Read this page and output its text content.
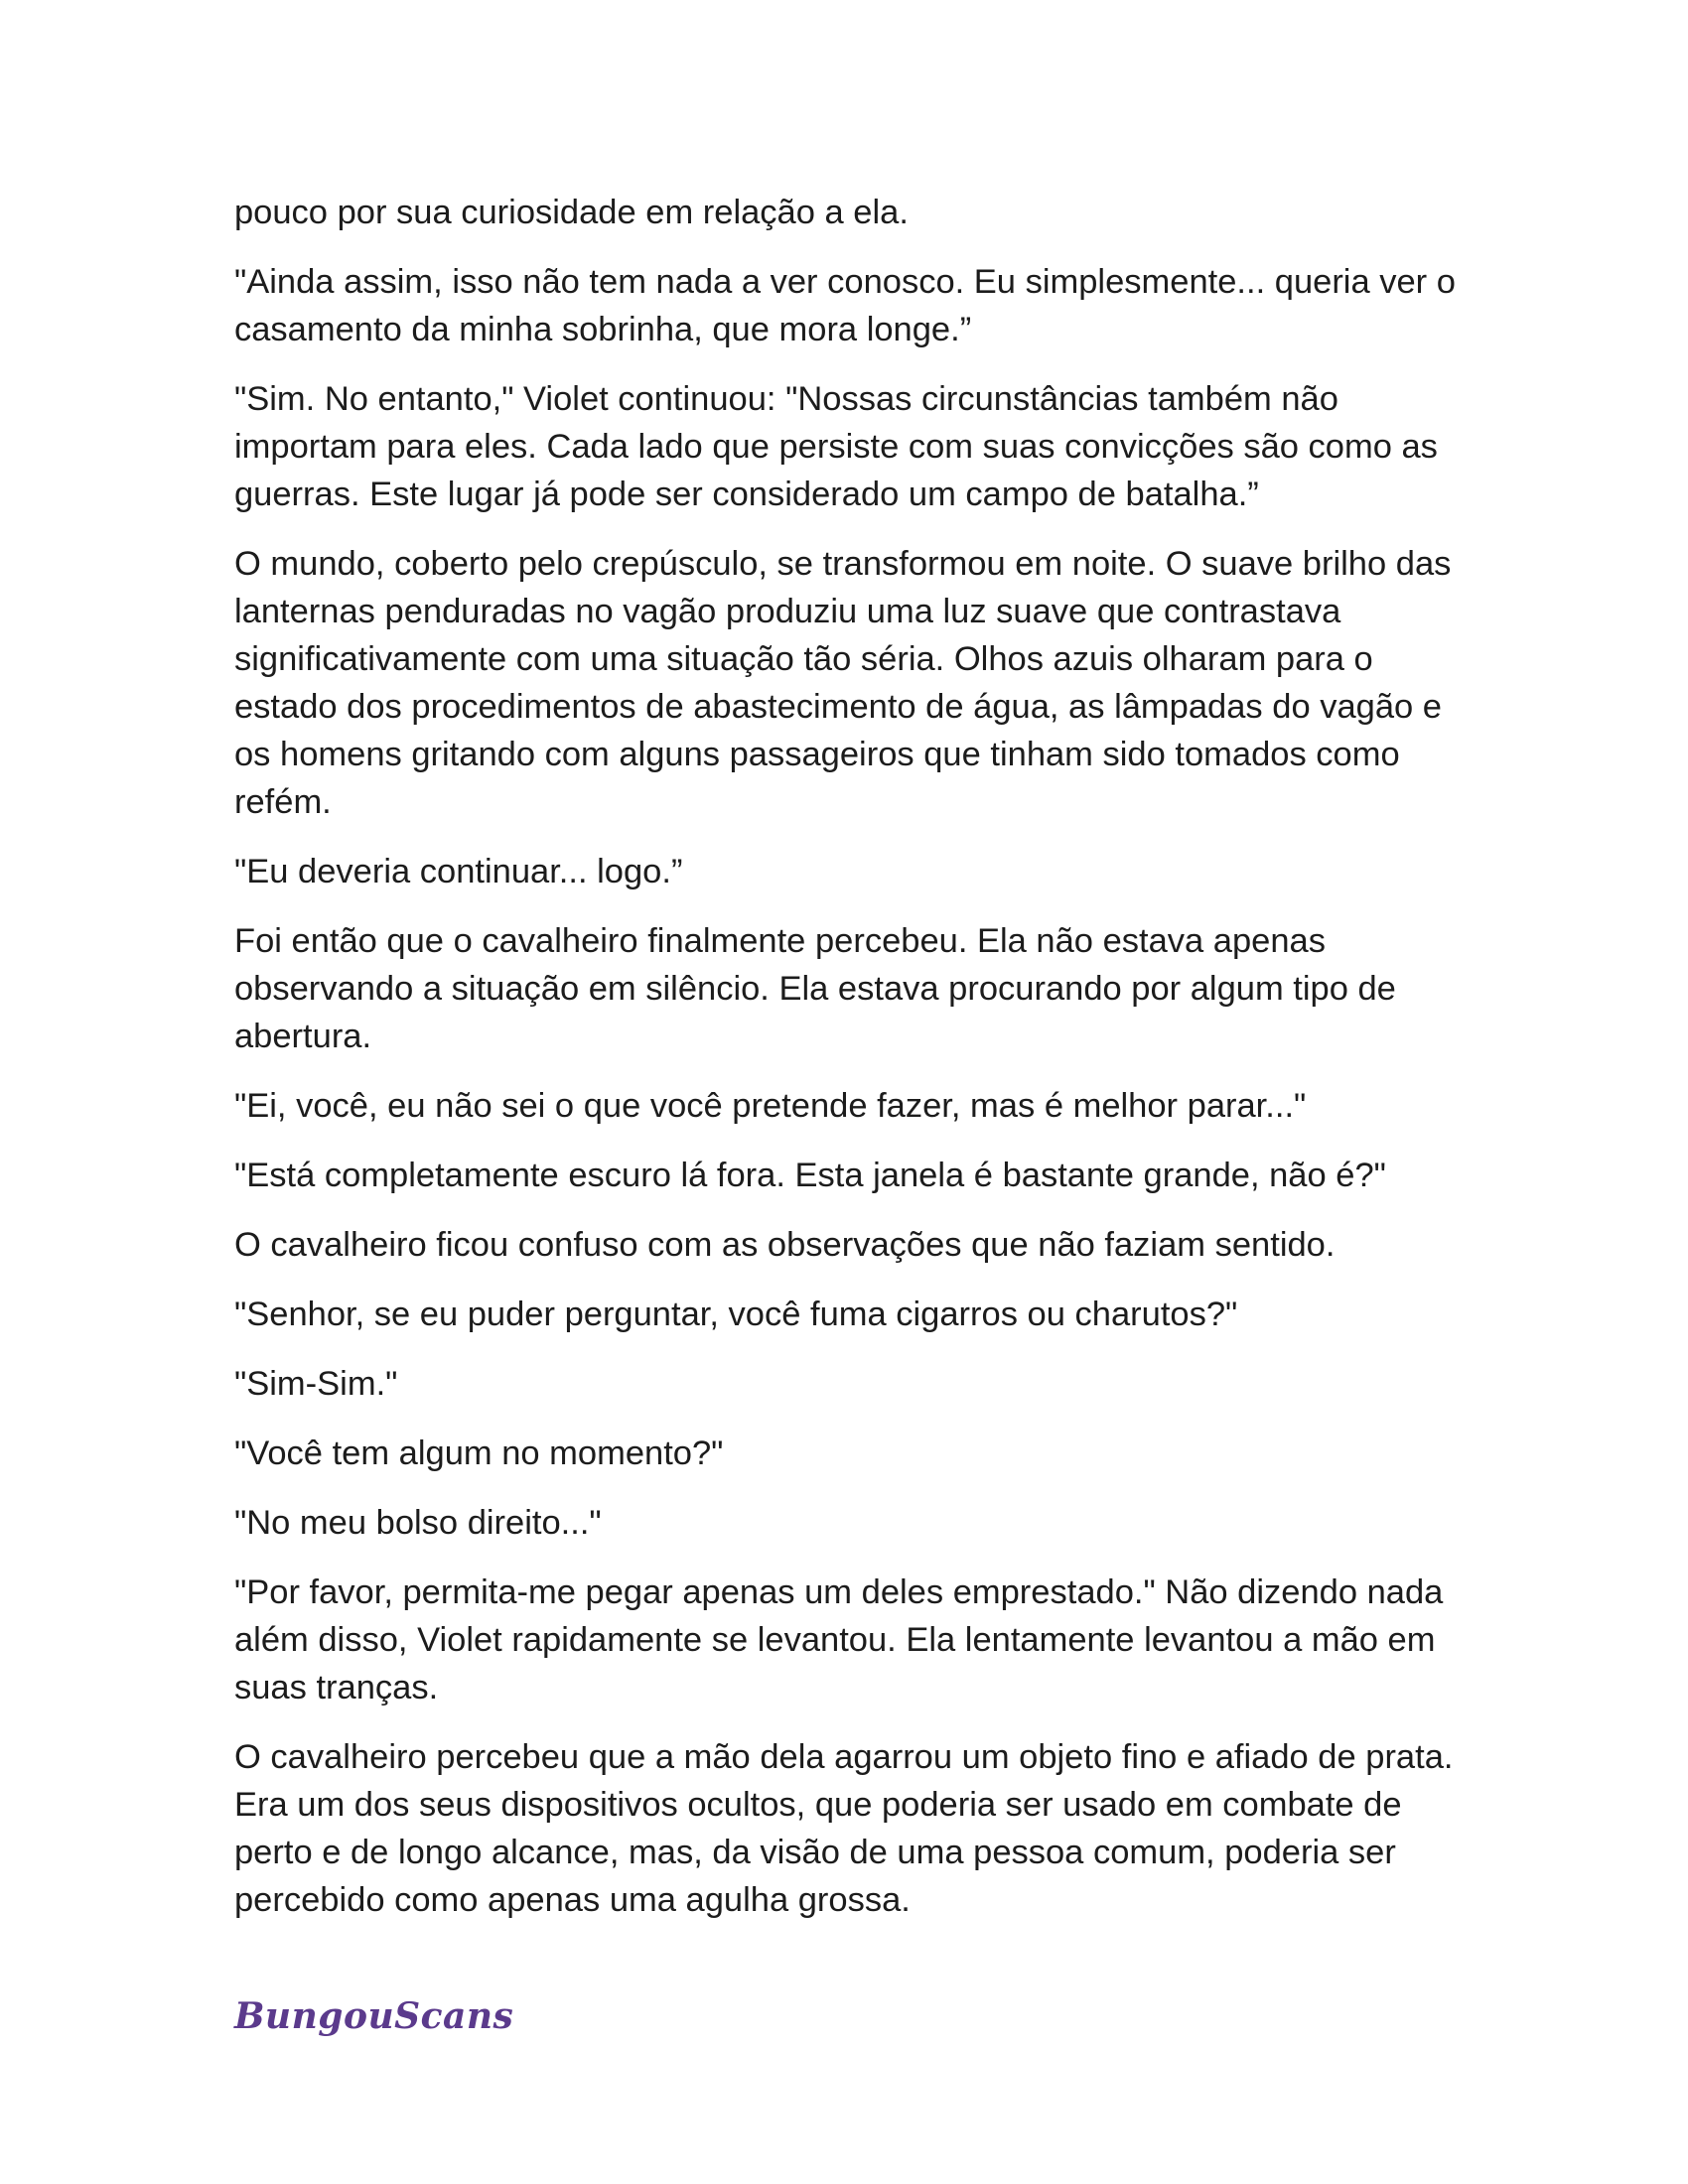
pouco por sua curiosidade em relação a ela.

"Ainda assim, isso não tem nada a ver conosco. Eu simplesmente... queria ver o casamento da minha sobrinha, que mora longe.”

"Sim. No entanto," Violet continuou: "Nossas circunstâncias também não importam para eles. Cada lado que persiste com suas convicções são como as guerras. Este lugar já pode ser considerado um campo de batalha.”

O mundo, coberto pelo crepúsculo, se transformou em noite. O suave brilho das lanternas penduradas no vagão produziu uma luz suave que contrastava significativamente com uma situação tão séria. Olhos azuis olharam para o estado dos procedimentos de abastecimento de água, as lâmpadas do vagão e os homens gritando com alguns passageiros que tinham sido tomados como refém.

"Eu deveria continuar... logo.”

Foi então que o cavalheiro finalmente percebeu. Ela não estava apenas observando a situação em silêncio. Ela estava procurando por algum tipo de abertura.

"Ei, você, eu não sei o que você pretende fazer, mas é melhor parar..."

"Está completamente escuro lá fora. Esta janela é bastante grande, não é?"

O cavalheiro ficou confuso com as observações que não faziam sentido.

"Senhor, se eu puder perguntar, você fuma cigarros ou charutos?"

"Sim-Sim."

"Você tem algum no momento?"

"No meu bolso direito..."

"Por favor, permita-me pegar apenas um deles emprestado." Não dizendo nada além disso, Violet rapidamente se levantou. Ela lentamente levantou a mão em suas tranças.

O cavalheiro percebeu que a mão dela agarrou um objeto fino e afiado de prata. Era um dos seus dispositivos ocultos, que poderia ser usado em combate de perto e de longo alcance, mas, da visão de uma pessoa comum, poderia ser percebido como apenas uma agulha grossa.

BungouScans
